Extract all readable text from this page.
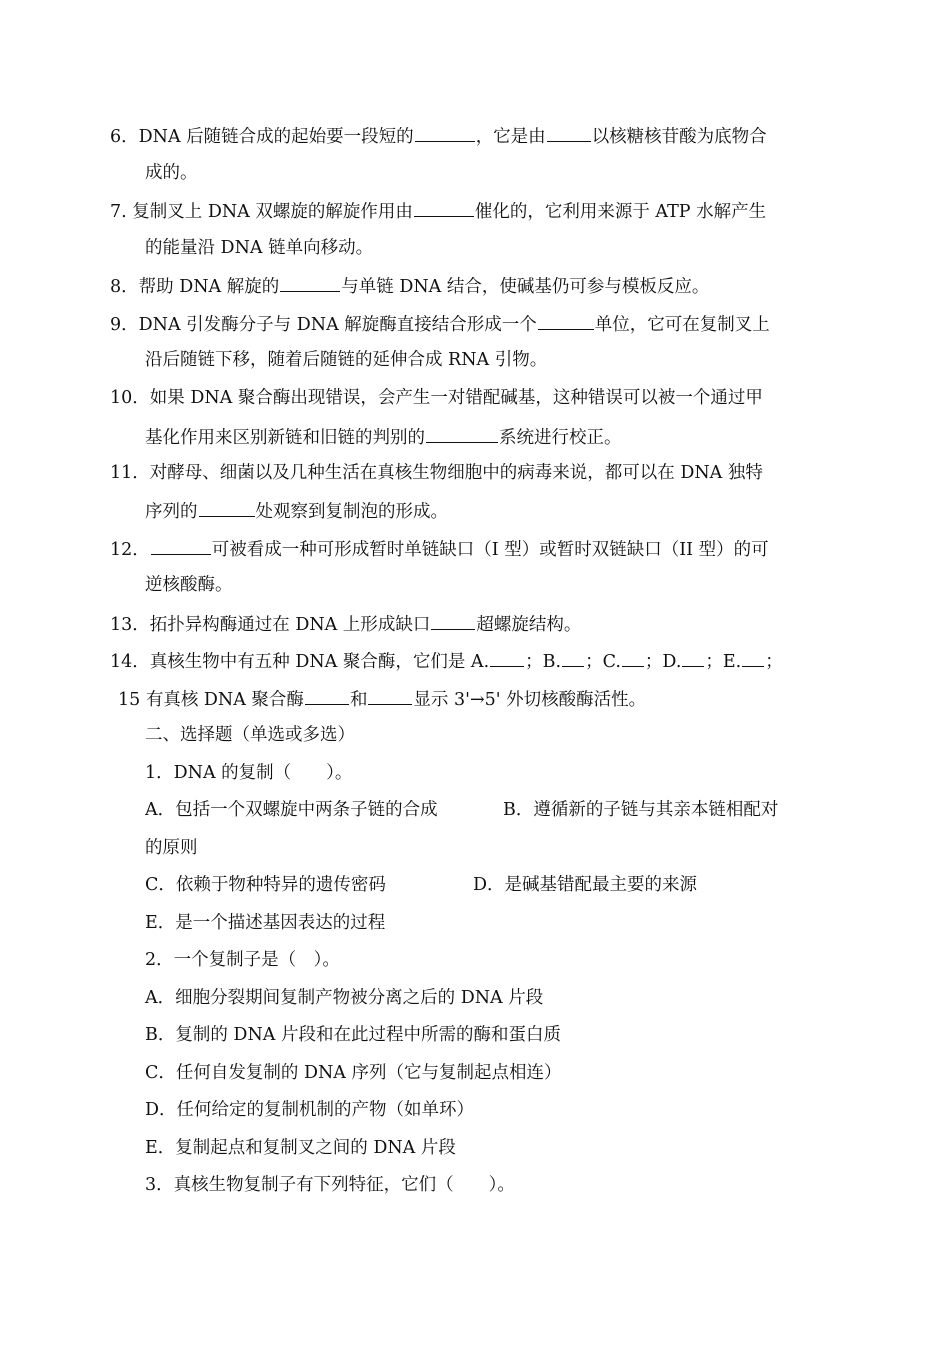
6．DNA 后随链合成的起始要一段短的	，它是由	以核糖核苷酸为底物合
成的。
7. 复制叉上 DNA 双螺旋的解旋作用由	催化的，它利用来源于 ATP 水解产生
的能量沿 DNA 链单向移动。
8．帮助 DNA 解旋的	与单链 DNA 结合，使碱基仍可参与模板反应。
9．DNA 引发酶分子与 DNA 解旋酶直接结合形成一个	单位，它可在复制叉上
沿后随链下移，随着后随链的延伸合成 RNA 引物。
10．如果 DNA 聚合酶出现错误，会产生一对错配碱基，这种错误可以被一个通过甲
基化作用来区别新链和旧链的判别的	系统进行校正。
11．对酵母、细菌以及几种生活在真核生物细胞中的病毒来说，都可以在 DNA 独特
序列的	处观察到复制泡的形成。
12．	可被看成一种可形成暂时单链缺口（I 型）或暂时双链缺口（II 型）的可
逆核酸酶。
13．拓扑异构酶通过在 DNA 上形成缺口	超螺旋结构。
14．真核生物中有五种 DNA 聚合酶，它们是 A. ；B. ；C. ；D. ；E. ；
15 有真核 DNA 聚合酶	和	显示 3'→5' 外切核酸酶活性。
二、选择题（单选或多选）
1．DNA 的复制（　　）。
A．包括一个双螺旋中两条子链的合成	B．遵循新的子链与其亲本链相配对
的原则
C．依赖于物种特异的遗传密码	D．是碱基错配最主要的来源
E．是一个描述基因表达的过程
2．一个复制子是（　）。
A．细胞分裂期间复制产物被分离之后的 DNA 片段
B．复制的 DNA 片段和在此过程中所需的酶和蛋白质
C．任何自发复制的 DNA 序列（它与复制起点相连）
D．任何给定的复制机制的产物（如单环）
E．复制起点和复制叉之间的 DNA 片段
3．真核生物复制子有下列特征，它们（　　）。
